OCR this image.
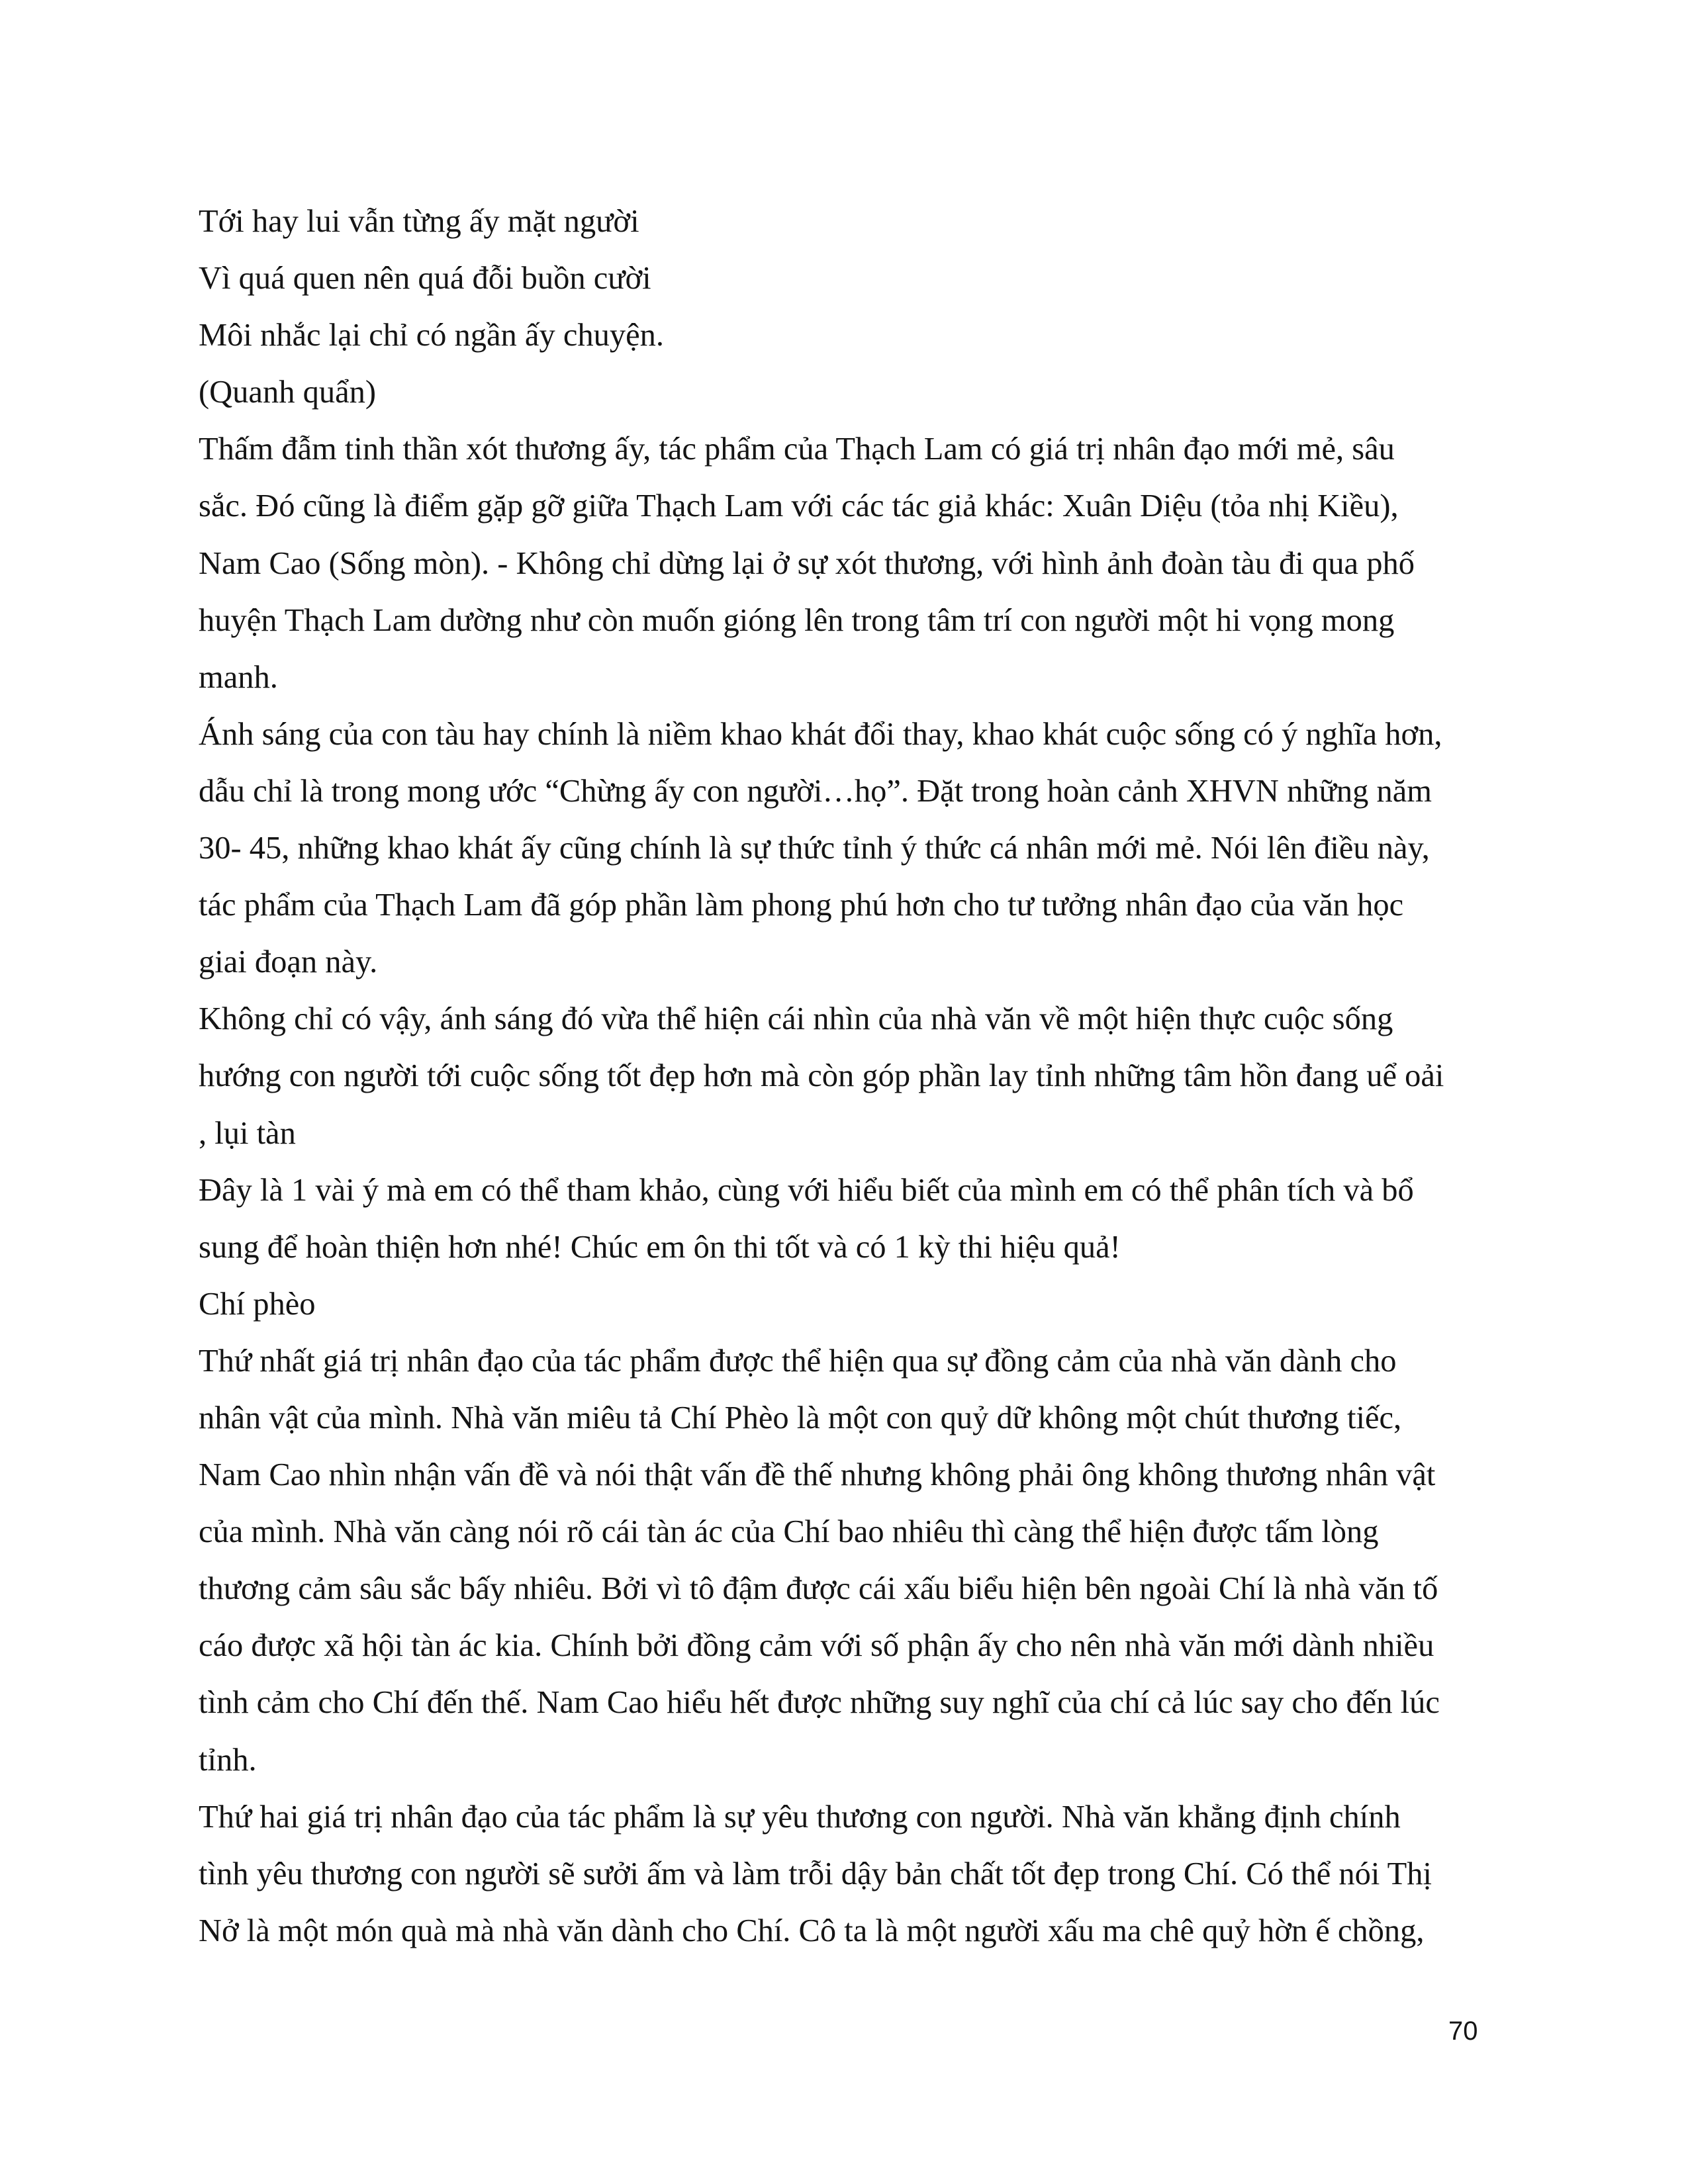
Tới hay lui vẫn từng ấy mặt người
Vì quá quen nên quá đỗi buồn cười
Môi nhắc lại chỉ có ngần ấy chuyện.
(Quanh quẩn)
Thấm đẫm tinh thần xót thương ấy, tác phẩm của Thạch Lam có giá trị nhân đạo mới mẻ, sâu
sắc. Đó cũng là điểm gặp gỡ giữa Thạch Lam với các tác giả khác: Xuân Diệu (tỏa nhị Kiều),
Nam Cao (Sống mòn). - Không chỉ dừng lại ở sự xót thương, với hình ảnh đoàn tàu đi qua phố
huyện Thạch Lam dường như còn muốn gióng lên trong tâm trí con người một hi vọng mong
manh.
Ánh sáng của con tàu hay chính là niềm khao khát đổi thay, khao khát cuộc sống có ý nghĩa hơn,
dẫu chỉ là trong mong ước “Chừng ấy con người…họ”. Đặt trong hoàn cảnh XHVN những năm
30- 45, những khao khát ấy cũng chính là sự thức tỉnh ý thức cá nhân mới mẻ. Nói lên điều này,
tác phẩm của Thạch Lam đã góp phần làm phong phú hơn cho tư tưởng nhân đạo của văn học
giai đoạn này.
Không chỉ có vậy, ánh sáng đó vừa thể hiện cái nhìn của nhà văn về một hiện thực cuộc sống
hướng con người tới cuộc sống tốt đẹp hơn mà còn góp phần lay tỉnh những tâm hồn đang uể oải
, lụi tàn
Đây là 1 vài ý mà em có thể tham khảo, cùng với hiểu biết của mình em có thể phân tích và bổ
sung để hoàn thiện hơn nhé! Chúc em ôn thi tốt và có 1 kỳ thi hiệu quả!
Chí phèo
Thứ nhất giá trị nhân đạo của tác phẩm được thể hiện qua sự đồng cảm của nhà văn dành cho
nhân vật của mình. Nhà văn miêu tả Chí Phèo là một con quỷ dữ không một chút thương tiếc,
Nam Cao nhìn nhận vấn đề và nói thật vấn đề thế nhưng không phải ông không thương nhân vật
của mình. Nhà văn càng nói rõ cái tàn ác của Chí bao nhiêu thì càng thể hiện được tấm lòng
thương cảm sâu sắc bấy nhiêu. Bởi vì tô đậm được cái xấu biểu hiện bên ngoài Chí là nhà văn tố
cáo được xã hội tàn ác kia. Chính bởi đồng cảm với số phận ấy cho nên nhà văn mới dành nhiều
tình cảm cho Chí đến thế. Nam Cao hiểu hết được những suy nghĩ của chí cả lúc say cho đến lúc
tỉnh.
Thứ hai giá trị nhân đạo của tác phẩm là sự yêu thương con người. Nhà văn khẳng định chính
tình yêu thương con người sẽ sưởi ấm và làm trỗi dậy bản chất tốt đẹp trong Chí. Có thể nói Thị
Nở là một món quà mà nhà văn dành cho Chí. Cô ta là một người xấu ma chê quỷ hờn ế chồng,
70
